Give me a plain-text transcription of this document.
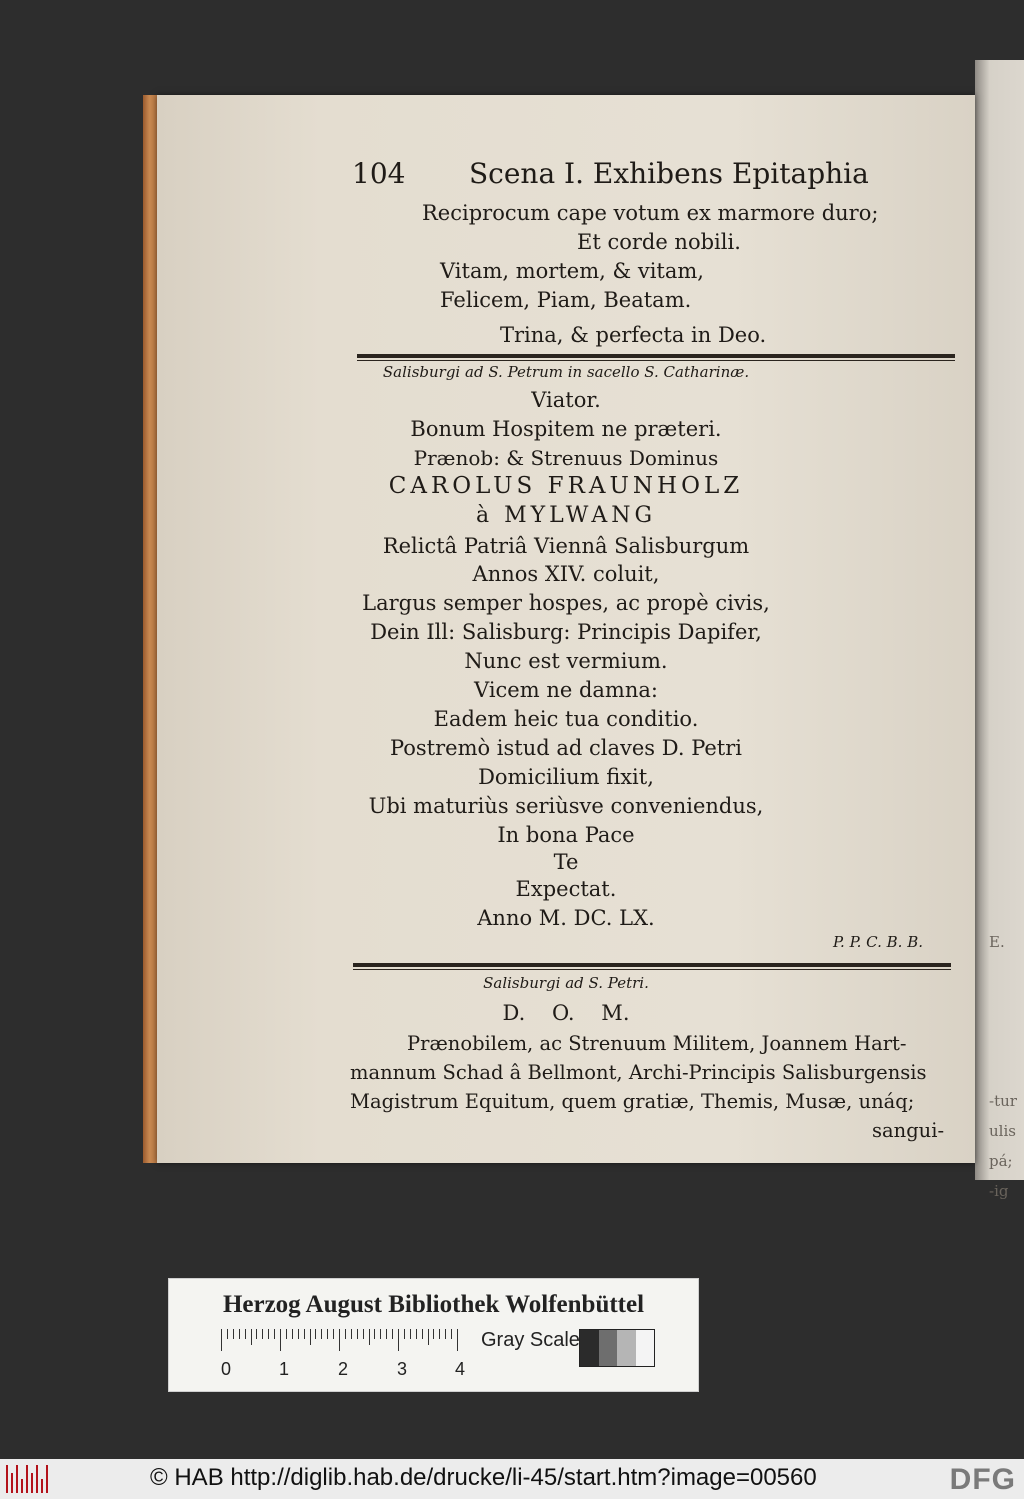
E.
-tur
ulis
pá;
-ig
104 Scena I. Exhibens Epitaphia
Reciprocum cape votum ex marmore duro;
Et corde nobili.
Vitam, mortem, & vitam,
Felicem, Piam, Beatam.
Trina, & perfecta in Deo.
Salisburgi ad S. Petrum in sacello S. Catharinæ.
Viator.
Bonum Hospitem ne præteri.
Prænob: & Strenuus Dominus
CAROLUS FRAUNHOLZ
à MYLWANG
Relictâ Patriâ Viennâ Salisburgum
Annos XIV. coluit,
Largus semper hospes, ac propè civis,
Dein Ill: Salisburg: Principis Dapifer,
Nunc est vermium.
Vicem ne damna:
Eadem heic tua conditio.
Postremò istud ad claves D. Petri
Domicilium fixit,
Ubi maturiùs seriùsve conveniendus,
In bona Pace
Te
Expectat.
Anno M. DC. LX.
P. P. C. B. B.
Salisburgi ad S. Petri.
D.    O.    M.
Prænobilem, ac Strenuum Militem, Joannem Hart-
mannum Schad â Bellmont, Archi-Principis Salisburgensis
Magistrum Equitum, quem gratiæ, Themis, Musæ, unáq;
sangui-
Herzog August Bibliothek Wolfenbüttel
0	1	2	3	4
Gray Scale
© HAB http://diglib.hab.de/drucke/li-45/start.htm?image=00560	DFG
